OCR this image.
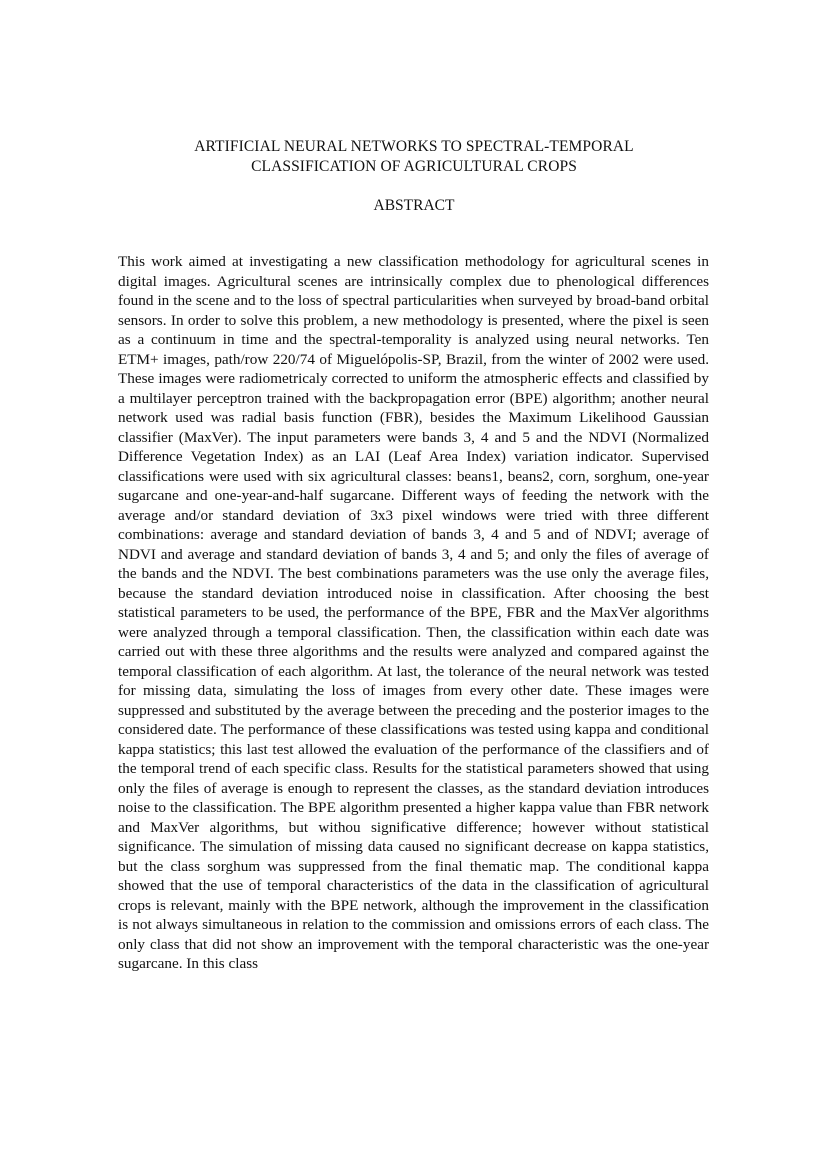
ARTIFICIAL NEURAL NETWORKS TO SPECTRAL-TEMPORAL
CLASSIFICATION OF AGRICULTURAL CROPS
ABSTRACT

This work aimed at investigating a new classification methodology for agricultural scenes in digital images. Agricultural scenes are intrinsically complex due to phenological differences found in the scene and to the loss of spectral particularities when surveyed by broad-band orbital sensors. In order to solve this problem, a new methodology is presented, where the pixel is seen as a continuum in time and the spectral-temporality is analyzed using neural networks. Ten ETM+ images, path/row 220/74 of Miguelópolis-SP, Brazil, from the winter of 2002 were used. These images were radiometricaly corrected to uniform the atmospheric effects and classified by a multilayer perceptron trained with the backpropagation error (BPE) algorithm; another neural network used was radial basis function (FBR), besides the Maximum Likelihood Gaussian classifier (MaxVer). The input parameters were bands 3, 4 and 5 and the NDVI (Normalized Difference Vegetation Index) as an LAI (Leaf Area Index) variation indicator. Supervised classifications were used with six agricultural classes: beans1, beans2, corn, sorghum, one-year sugarcane and one-year-and-half sugarcane. Different ways of feeding the network with the average and/or standard deviation of 3x3 pixel windows were tried with three different combinations: average and standard deviation of bands 3, 4 and 5 and of NDVI; average of NDVI and average and standard deviation of bands 3, 4 and 5; and only the files of average of the bands and the NDVI. The best combinations parameters was the use only the average files, because the standard deviation introduced noise in classification. After choosing the best statistical parameters to be used, the performance of the BPE, FBR and the MaxVer algorithms were analyzed through a temporal classification. Then, the classification within each date was carried out with these three algorithms and the results were analyzed and compared against the temporal classification of each algorithm. At last, the tolerance of the neural network was tested for missing data, simulating the loss of images from every other date. These images were suppressed and substituted by the average between the preceding and the posterior images to the considered date. The performance of these classifications was tested using kappa and conditional kappa statistics; this last test allowed the evaluation of the performance of the classifiers and of the temporal trend of each specific class. Results for the statistical parameters showed that using only the files of average is enough to represent the classes, as the standard deviation introduces noise to the classification. The BPE algorithm presented a higher kappa value than FBR network and MaxVer algorithms, but withou significative difference; however without statistical significance. The simulation of missing data caused no significant decrease on kappa statistics, but the class sorghum was suppressed from the final thematic map. The conditional kappa showed that the use of temporal characteristics of the data in the classification of agricultural crops is relevant, mainly with the BPE network, although the improvement in the classification is not always simultaneous in relation to the commission and omissions errors of each class. The only class that did not show an improvement with the temporal characteristic was the one-year sugarcane. In this class
